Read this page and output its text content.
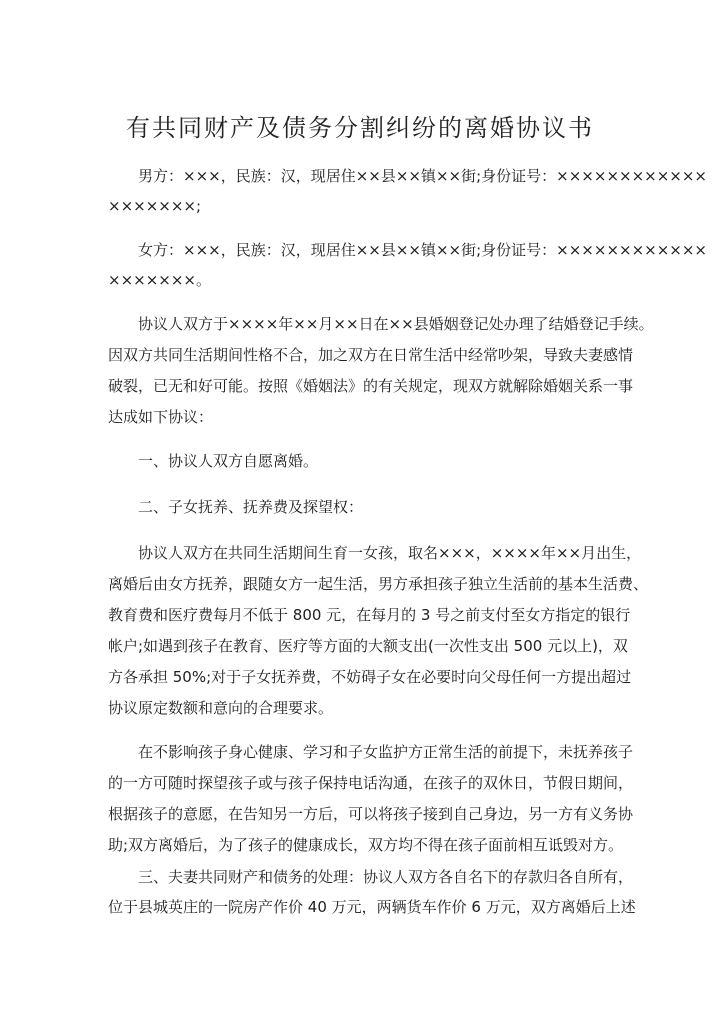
有共同财产及债务分割纠纷的离婚协议书
男方：×××，民族：汉，现居住××县××镇××街;身份证号：××××××××××××
×××××××;
女方：×××，民族：汉，现居住××县××镇××街;身份证号：××××××××××××
×××××××。
协议人双方于××××年××月××日在××县婚姻登记处办理了结婚登记手续。
因双方共同生活期间性格不合，加之双方在日常生活中经常吵架，导致夫妻感情
破裂，已无和好可能。按照《婚姻法》的有关规定，现双方就解除婚姻关系一事
达成如下协议：
一、协议人双方自愿离婚。
二、子女抚养、抚养费及探望权：
协议人双方在共同生活期间生育一女孩，取名×××，××××年××月出生，
离婚后由女方抚养，跟随女方一起生活，男方承担孩子独立生活前的基本生活费、
教育费和医疗费每月不低于 800 元，在每月的 3 号之前支付至女方指定的银行
帐户;如遇到孩子在教育、医疗等方面的大额支出(一次性支出 500 元以上)，双
方各承担 50%;对于子女抚养费，不妨碍子女在必要时向父母任何一方提出超过
协议原定数额和意向的合理要求。
在不影响孩子身心健康、学习和子女监护方正常生活的前提下，未抚养孩子
的一方可随时探望孩子或与孩子保持电话沟通，在孩子的双休日，节假日期间，
根据孩子的意愿，在告知另一方后，可以将孩子接到自己身边，另一方有义务协
助;双方离婚后，为了孩子的健康成长，双方均不得在孩子面前相互诋毁对方。
三、夫妻共同财产和债务的处理：协议人双方各自名下的存款归各自所有，
位于县城英庄的一院房产作价 40 万元，两辆货车作价 6 万元，双方离婚后上述
